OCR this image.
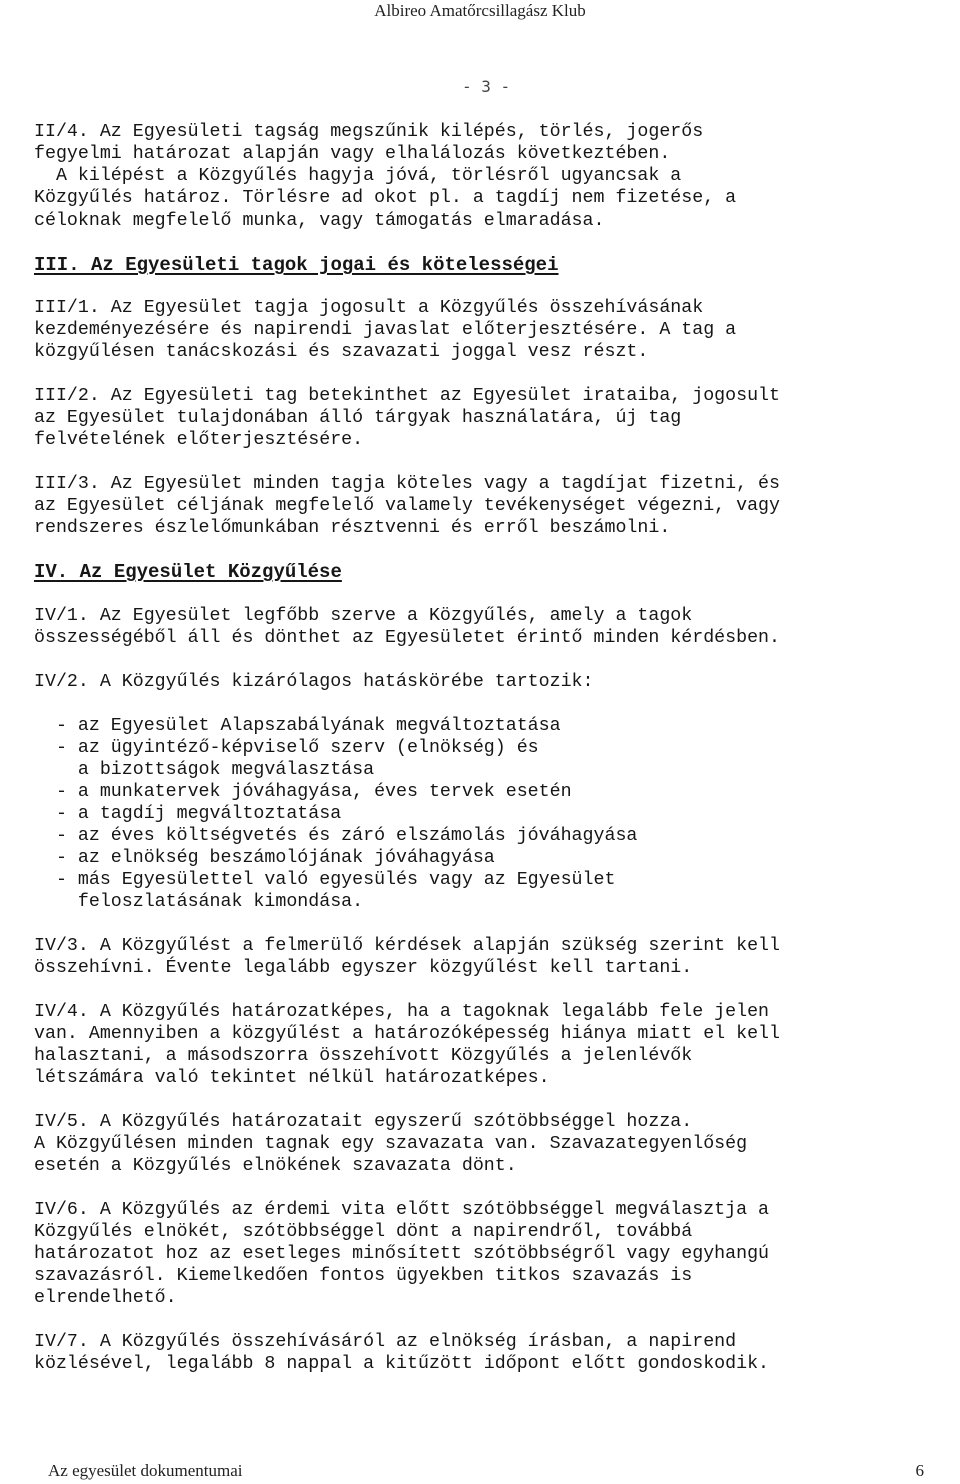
Albireo Amatőrcsillagász Klub
- 3 -
II/4. Az Egyesületi tagság megszűnik kilépés, törlés, jogerős
fegyelmi határozat alapján vagy elhalálozás következtében.
A kilépést a Közgyűlés hagyja jóvá, törlésről ugyancsak a
Közgyűlés határoz. Törlésre ad okot pl. a tagdíj nem fizetése, a
céloknak megfelelő munka, vagy támogatás elmaradása.
III. Az Egyesületi tagok jogai és kötelességei
III/1. Az Egyesület tagja jogosult a Közgyűlés összehívásának
kezdeményezésére és napirendi javaslat előterjesztésére. A tag a
közgyűlésen tanácskozási és szavazati joggal vesz részt.
III/2. Az Egyesületi tag betekinthet az Egyesület irataiba, jogosult
az Egyesület tulajdonában álló tárgyak használatára, új tag
felvételének előterjesztésére.
III/3. Az Egyesület minden tagja köteles vagy a tagdíjat fizetni, és
az Egyesület céljának megfelelő valamely tevékenységet végezni, vagy
rendszeres észlelőmunkában résztvenni és erről beszámolni.
IV. Az Egyesület Közgyűlése
IV/1. Az Egyesület legfőbb szerve a Közgyűlés, amely a tagok
összességéből áll és dönthet az Egyesületet érintő minden kérdésben.
IV/2. A Közgyűlés kizárólagos hatáskörébe tartozik:
- az Egyesület Alapszabályának megváltoztatása
- az ügyintéző-képviselő szerv (elnökség) és
a bizottságok megválasztása
- a munkatervek jóváhagyása, éves tervek esetén
- a tagdíj megváltoztatása
- az éves költségvetés és záró elszámolás jóváhagyása
- az elnökség beszámolójának jóváhagyása
- más Egyesülettel való egyesülés vagy az Egyesület
feloszlatásának kimondása.
IV/3. A Közgyűlést a felmerülő kérdések alapján szükség szerint kell
összehívni. Évente legalább egyszer közgyűlést kell tartani.
IV/4. A Közgyűlés határozatképes, ha a tagoknak legalább fele jelen
van. Amennyiben a közgyűlést a határozóképesség hiánya miatt el kell
halasztani, a másodszorra összehívott Közgyűlés a jelenlévők
létszámára való tekintet nélkül határozatképes.
IV/5. A Közgyűlés határozatait egyszerű szótöbbséggel hozza.
A Közgyűlésen minden tagnak egy szavazata van. Szavazategyenlőség
esetén a Közgyűlés elnökének szavazata dönt.
IV/6. A Közgyűlés az érdemi vita előtt szótöbbséggel megválasztja a
Közgyűlés elnökét, szótöbbséggel dönt a napirendről, továbbá
határozatot hoz az esetleges minősített szótöbbségről vagy egyhangú
szavazásról. Kiemelkedően fontos ügyekben titkos szavazás is
elrendelhető.
IV/7. A Közgyűlés összehívásáról az elnökség írásban, a napirend
közlésével, legalább 8 nappal a kitűzött időpont előtt gondoskodik.
Az egyesület dokumentumai	6
